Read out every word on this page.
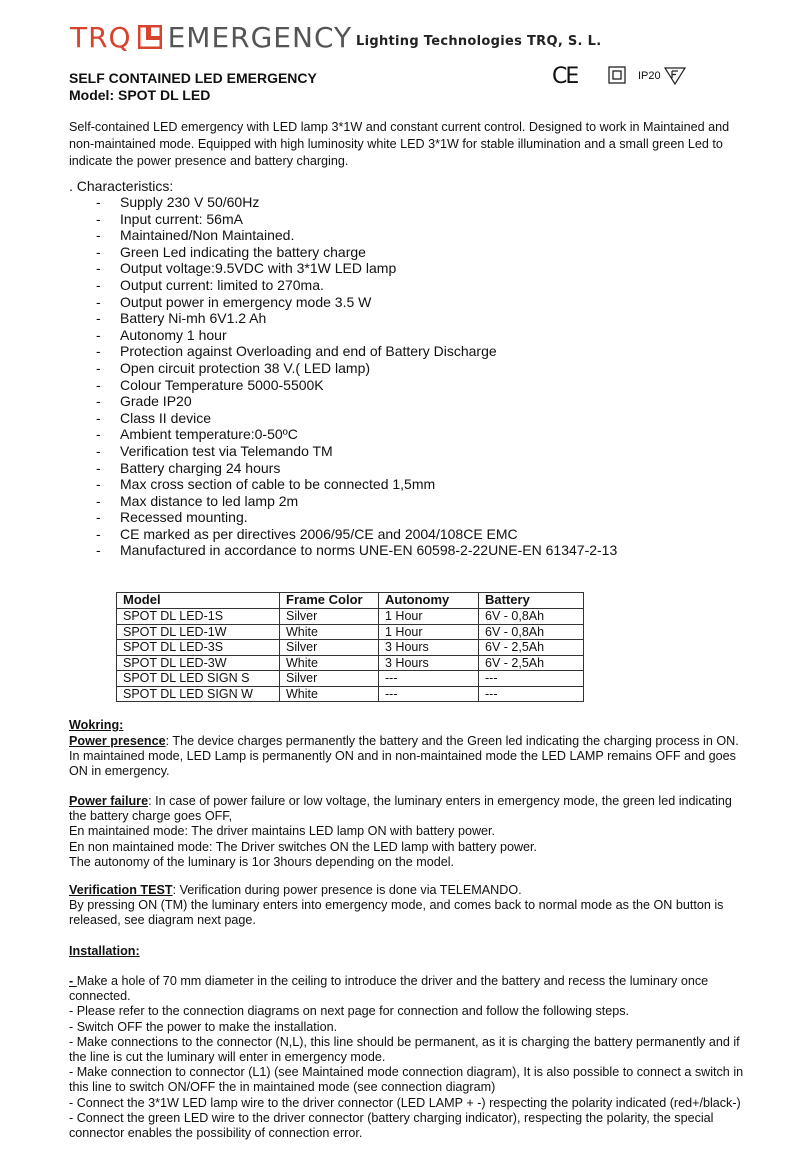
TRQ EMERGENCY Lighting Technologies TRQ, S. L.
SELF CONTAINED LED EMERGENCY
Model: SPOT DL LED
CE	IP20
Self-contained LED emergency with LED lamp 3*1W and constant current control. Designed to work in Maintained and non-maintained mode. Equipped with high luminosity white LED 3*1W for stable illumination and a small green Led to indicate the power presence and battery charging.
. Characteristics:
-	Supply 230 V 50/60Hz
-	Input current: 56mA
-	Maintained/Non Maintained.
-	Green Led indicating the battery charge
-	Output voltage:9.5VDC with 3*1W LED lamp
-	Output current: limited to 270ma.
-	Output power in emergency mode 3.5 W
-	Battery Ni-mh 6V1.2 Ah
-	Autonomy 1 hour
-	Protection against Overloading and end of Battery Discharge
-	Open circuit protection 38 V.( LED lamp)
-	Colour Temperature 5000-5500K
-	Grade IP20
-	Class II device
-	Ambient temperature:0-50ºC
-	Verification test via Telemando TM
-	Battery charging 24 hours
-	Max cross section of cable to be connected 1,5mm
-	Max distance to led lamp 2m
-	Recessed mounting.
-	CE marked as per directives 2006/95/CE and 2004/108CE EMC
-	Manufactured in accordance to norms UNE-EN 60598-2-22UNE-EN 61347-2-13
Model	Frame Color	Autonomy	Battery
SPOT DL LED-1S	Silver	1 Hour	6V - 0,8Ah
SPOT DL LED-1W	White	1 Hour	6V - 0,8Ah
SPOT DL LED-3S	Silver	3 Hours	6V - 2,5Ah
SPOT DL LED-3W	White	3 Hours	6V - 2,5Ah
SPOT DL LED SIGN S	Silver	---	---
SPOT DL LED SIGN W	White	---	---
Wokring:
Power presence: The device charges permanently the battery and the Green led indicating the charging process in ON. In maintained mode, LED Lamp is permanently ON and in non-maintained mode the LED LAMP remains OFF and goes ON in emergency.
Power failure: In case of power failure or low voltage, the luminary enters in emergency mode, the green led indicating the battery charge goes OFF,
En maintained mode: The driver maintains LED lamp ON with battery power.
En non maintained mode: The Driver switches ON the LED lamp with battery power.
The autonomy of the luminary is 1or 3hours depending on the model.
Verification TEST: Verification during power presence is done via TELEMANDO.
By pressing ON (TM) the luminary enters into emergency mode, and comes back to normal mode as the ON button is released, see diagram next page.
Installation:
- Make a hole of 70 mm diameter in the ceiling to introduce the driver and the battery and recess the luminary once connected.
- Please refer to the connection diagrams on next page for connection and follow the following steps.
- Switch OFF the power to make the installation.
- Make connections to the connector (N,L), this line should be permanent, as it is charging the battery permanently and if the line is cut the luminary will enter in emergency mode.
- Make connection to connector (L1) (see Maintained mode connection diagram), It is also possible to connect a switch in this line to switch ON/OFF the in maintained mode (see connection diagram)
- Connect the 3*1W LED lamp wire to the driver connector (LED LAMP + -) respecting the polarity indicated (red+/black-)
- Connect the green LED wire to the driver connector (battery charging indicator), respecting the polarity, the special connector enables the possibility of connection error.
